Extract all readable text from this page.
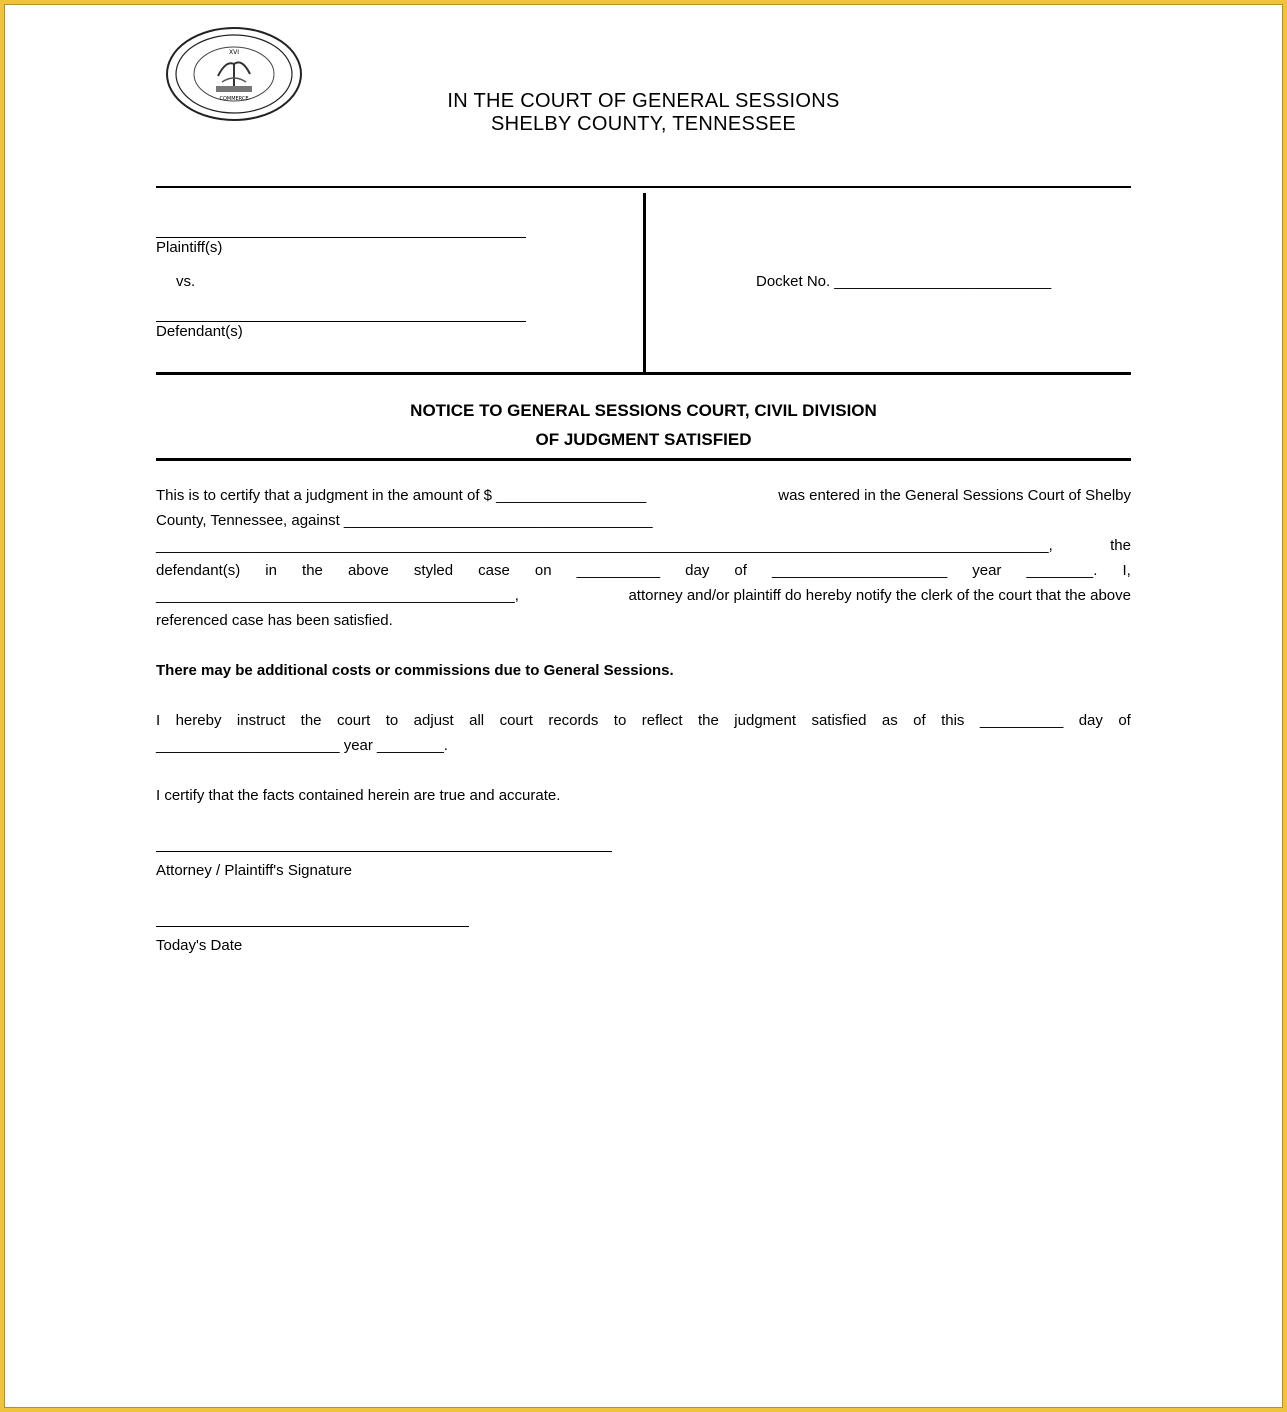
XVI
COMMERCE	IN THE COURT OF GENERAL SESSIONS
SHELBY COUNTY, TENNESSEE
Plaintiff(s)
vs.
Defendant(s)
Docket No. __________________________
NOTICE TO GENERAL SESSIONS COURT, CIVIL DIVISION
OF JUDGMENT SATISFIED
This is to certify that a judgment in the amount of $ __________________	was entered in the General Sessions Court of Shelby
County, Tennessee, against _____________________________________
___________________________________________________________________________________________________________,	the
defendant(s) in the above styled case on __________ day of _____________________ year ________. I,
___________________________________________,	attorney and/or plaintiff do hereby notify the clerk of the court that the above
referenced case has been satisfied.
There may be additional costs or commissions due to General Sessions.
I hereby instruct the court to adjust all court records to reflect the judgment satisfied as of this __________ day of
______________________ year ________.
I certify that the facts contained herein are true and accurate.
Attorney / Plaintiff's Signature
Today's Date
